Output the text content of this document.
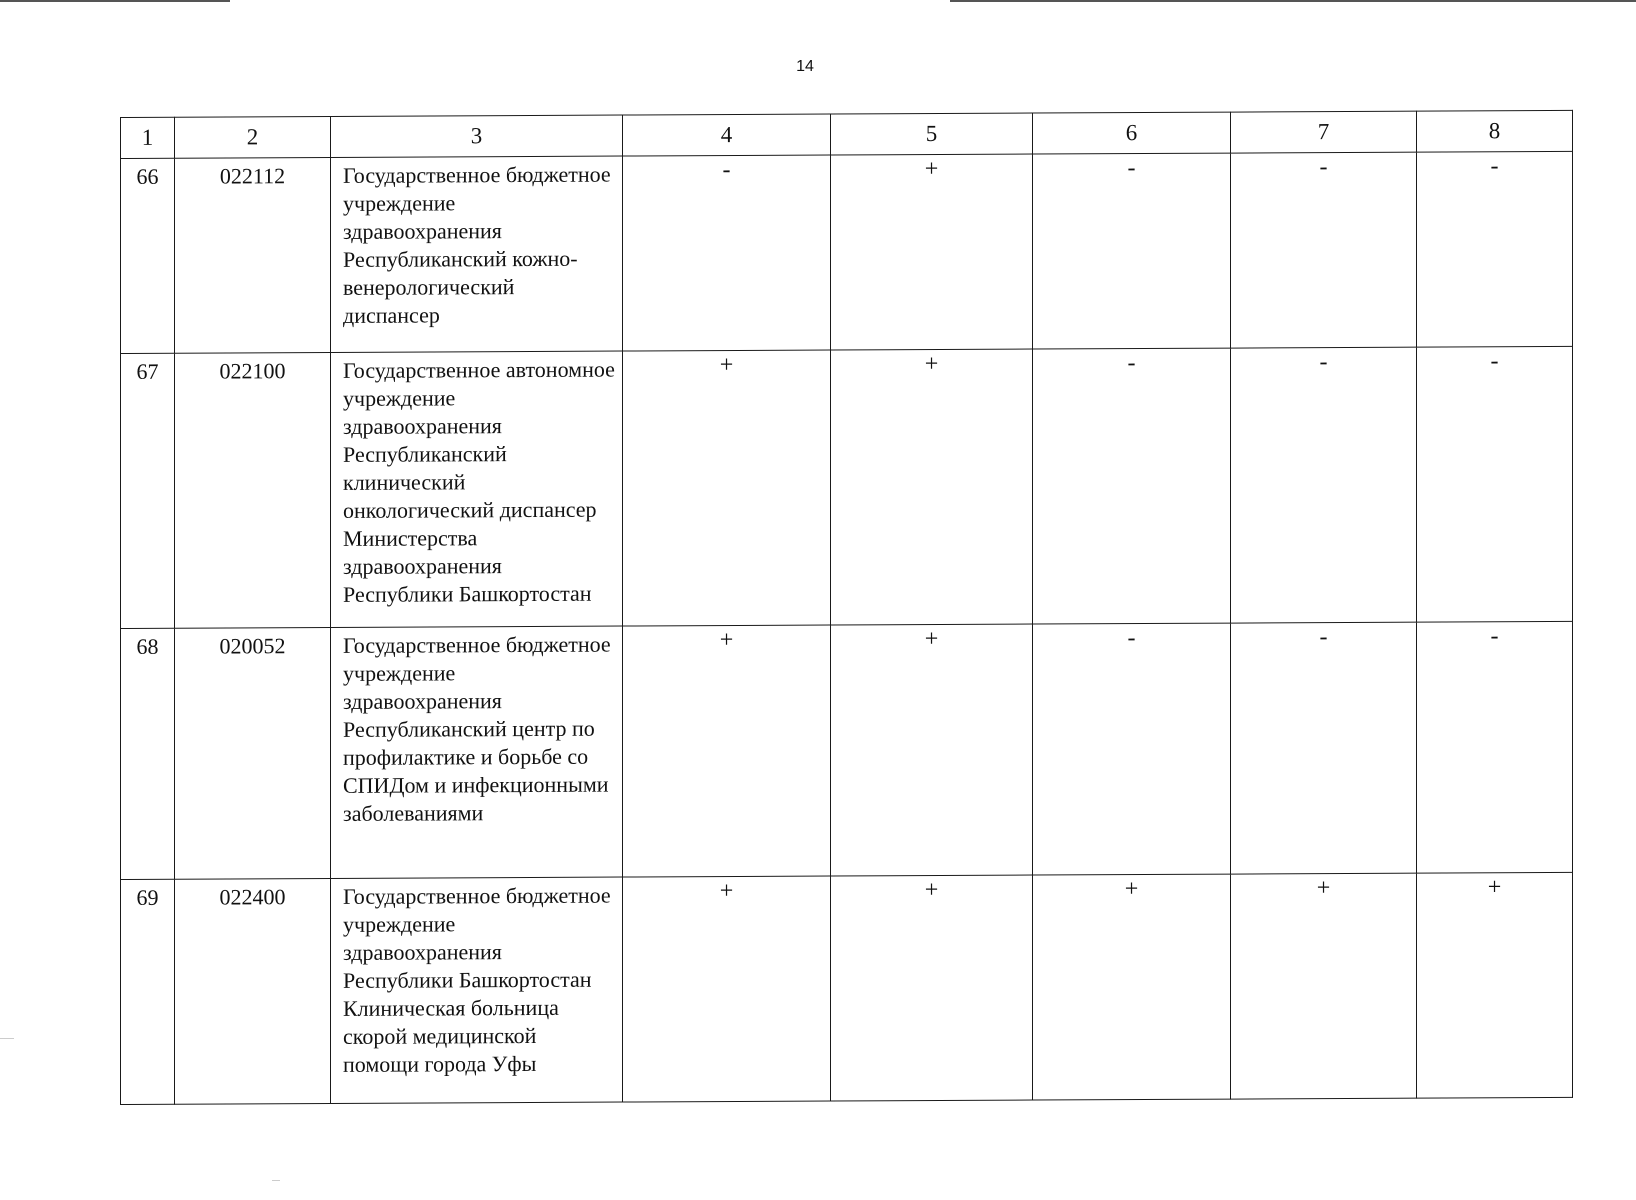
14
1	2	3	4	5	6	7	8
66	022112	Государственное бюджетное учреждение здравоохранения Республиканский кожно-венерологический диспансер	-	+	-	-	-
67	022100	Государственное автономное учреждение здравоохранения Республиканский клинический онкологический диспансер Министерства здравоохранения Республики Башкортостан	+	+	-	-	-
68	020052	Государственное бюджетное учреждение здравоохранения Республиканский центр по профилактике и борьбе со СПИДом и инфекционными заболеваниями	+	+	-	-	-
69	022400	Государственное бюджетное учреждение здравоохранения Республики Башкортостан Клиническая больница скорой медицинской помощи города Уфы	+	+	+	+	+
